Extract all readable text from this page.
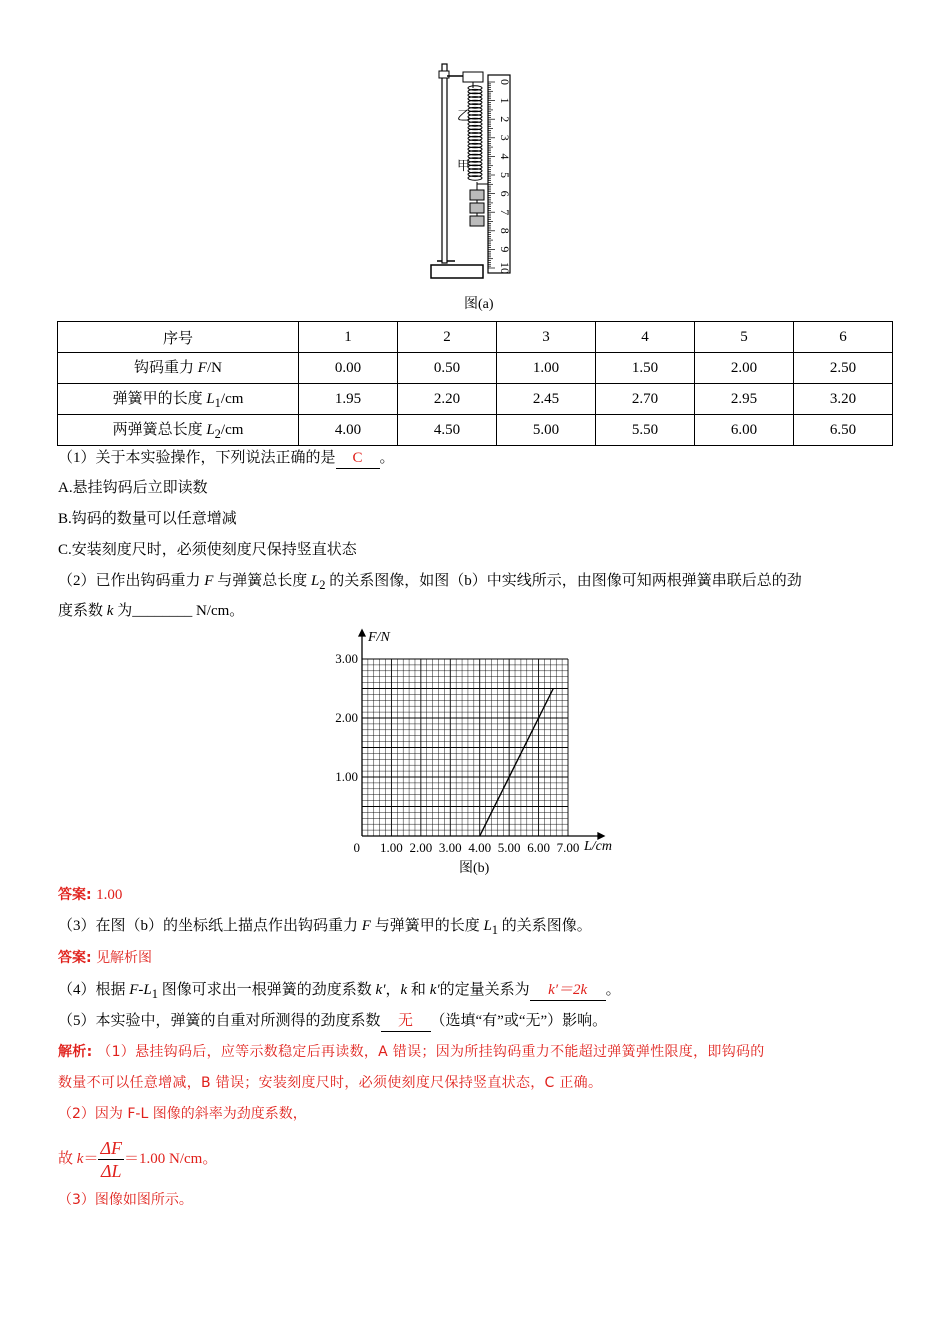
0
1
2
3
4
5
6
7
8
9
10
乙
甲
图(a)
序号	1	2	3	4	5	6
钩码重力 F/N	0.00	0.50	1.00	1.50	2.00	2.50
弹簧甲的长度 $L_1/cm$	1.95	2.20	2.45	2.70	2.95	3.20
两弹簧总长度 $L_2/cm$	4.00	4.50	5.00	5.50	6.00	6.50
（1）关于本实验操作，下列说法正确的是 C 。
A.悬挂钩码后立即读数
B.钩码的数量可以任意增减
C.安装刻度尺时，必须使刻度尺保持竖直状态
（2）已作出钩码重力 F 与弹簧总长度 $L_2$ 的关系图像，如图（b）中实线所示，由图像可知两根弹簧串联后总的劲
度系数 k 为________ N/cm。
0 1.00 2.00 3.00 4.00 5.00 6.00 7.00
1.00
2.00
3.00
F/N
L/cm
图(b)
答案: 1.00
（3）在图（b）的坐标纸上描点作出钩码重力 F 与弹簧甲的长度 $L_1$ 的关系图像。
答案: 见解析图
（4）根据 $F-L_1$ 图像可求出一根弹簧的劲度系数 k′，k 和 k′的定量关系为 k′＝2k 。
（5）本实验中，弹簧的自重对所测得的劲度系数 无 （选填“有”或“无”）影响。
解析: （1）悬挂钩码后，应等示数稳定后再读数，A 错误；因为所挂钩码重力不能超过弹簧弹性限度，即钩码的
数量不可以任意增减，B 错误；安装刻度尺时，必须使刻度尺保持竖直状态，C 正确。
（2）因为 F-L 图像的斜率为劲度系数，
故 $k= \frac{\Delta F}{\Delta L} =1.00$ N/cm。
（3）图像如图所示。
